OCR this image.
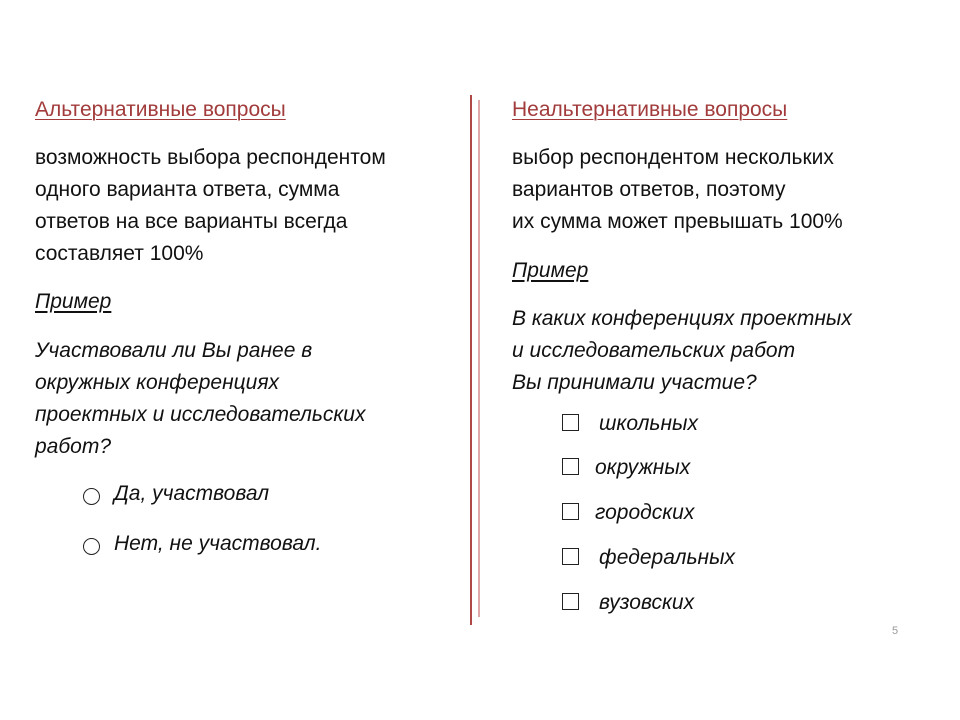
Альтернативные вопросы
возможность выбора респондентом
одного варианта ответа, сумма
ответов на все варианты всегда
составляет 100%
Пример
Участвовали ли Вы ранее в
окружных конференциях
проектных и исследовательских
работ?
Да, участвовал
Нет, не участвовал.
Неальтернативные вопросы
выбор респондентом нескольких
вариантов ответов, поэтому
их сумма может превышать 100%
Пример
В каких конференциях проектных
и исследовательских работ
Вы принимали участие?
школьных
окружных
городских
федеральных
вузовских
5
